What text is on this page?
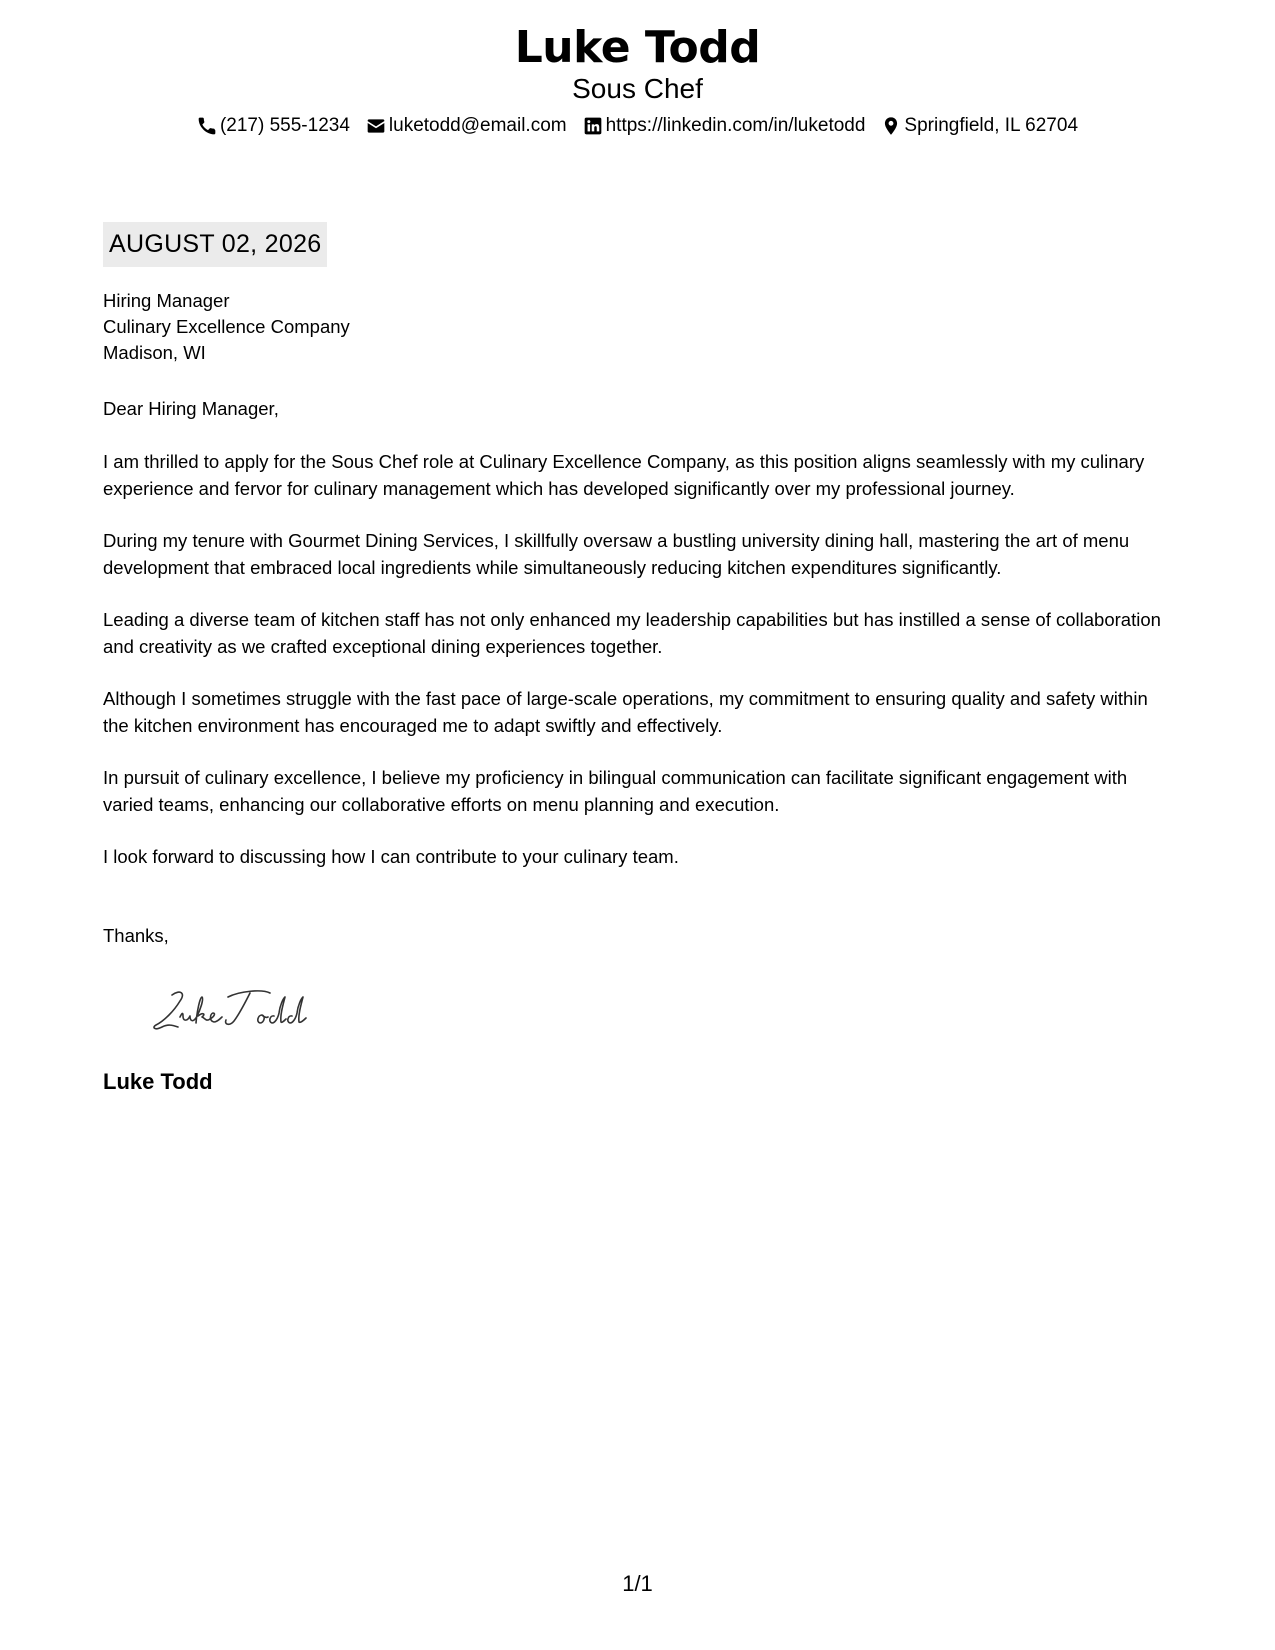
Luke Todd
Sous Chef
(217) 555-1234 luketodd@email.com https://linkedin.com/in/luketodd Springfield, IL 62704
AUGUST 02, 2026
Hiring Manager
Culinary Excellence Company
Madison, WI
Dear Hiring Manager,
I am thrilled to apply for the Sous Chef role at Culinary Excellence Company, as this position aligns seamlessly with my culinary experience and fervor for culinary management which has developed significantly over my professional journey.
During my tenure with Gourmet Dining Services, I skillfully oversaw a bustling university dining hall, mastering the art of menu development that embraced local ingredients while simultaneously reducing kitchen expenditures significantly.
Leading a diverse team of kitchen staff has not only enhanced my leadership capabilities but has instilled a sense of collaboration and creativity as we crafted exceptional dining experiences together.
Although I sometimes struggle with the fast pace of large-scale operations, my commitment to ensuring quality and safety within the kitchen environment has encouraged me to adapt swiftly and effectively.
In pursuit of culinary excellence, I believe my proficiency in bilingual communication can facilitate significant engagement with varied teams, enhancing our collaborative efforts on menu planning and execution.
I look forward to discussing how I can contribute to your culinary team.
Thanks,
Luke Todd
1/1
